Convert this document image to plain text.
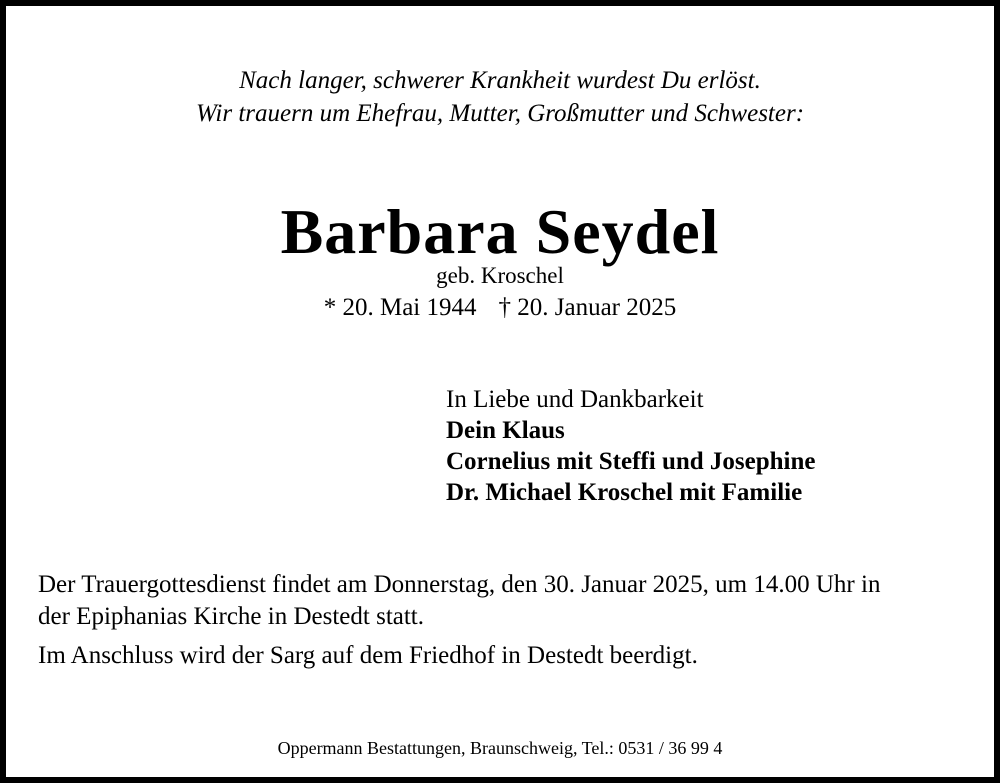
Nach langer, schwerer Krankheit wurdest Du erlöst.
Wir trauern um Ehefrau, Mutter, Großmutter und Schwester:
Barbara Seydel
geb. Kroschel
* 20. Mai 1944 † 20. Januar 2025
In Liebe und Dankbarkeit
Dein Klaus
Cornelius mit Steffi und Josephine
Dr. Michael Kroschel mit Familie
Der Trauergottesdienst findet am Donnerstag, den 30. Januar 2025, um 14.00 Uhr in
der Epiphanias Kirche in Destedt statt.
Im Anschluss wird der Sarg auf dem Friedhof in Destedt beerdigt.
Oppermann Bestattungen, Braunschweig, Tel.: 0531 / 36 99 4
